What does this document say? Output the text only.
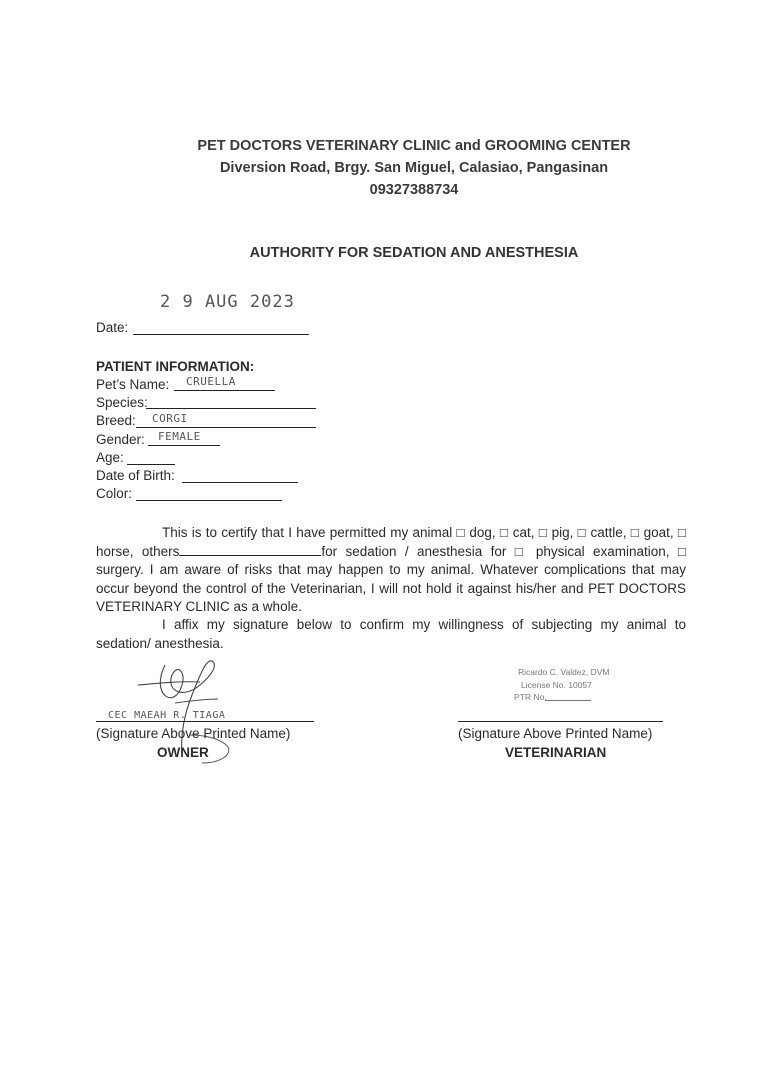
PET DOCTORS VETERINARY CLINIC and GROOMING CENTER
Diversion Road, Brgy. San Miguel, Calasiao, Pangasinan
09327388734
AUTHORITY FOR SEDATION AND ANESTHESIA
2 9 AUG 2023
Date:
PATIENT INFORMATION:
Pet’s Name: CRUELLA
Species:
Breed: CORGI
Gender: FEMALE
Age:
Date of Birth:
Color:

This is to certify that I have permitted my animal □ dog, □ cat, □ pig, □ cattle, □ goat, □ horse, others	for sedation / anesthesia for □ physical examination, □ surgery. I am aware of risks that may happen to my animal. Whatever complications that may occur beyond the control of the Veterinarian, I will not hold it against his/her and PET DOCTORS VETERINARY CLINIC as a whole.

I affix my signature below to confirm my willingness of subjecting my animal to sedation/ anesthesia.

CEC MAEAH R. TIAGA
(Signature Above Printed Name)
OWNER
Ricardo C. Valdez, DVM
License No. 10057
PTR No.
(Signature Above Printed Name)
VETERINARIAN
